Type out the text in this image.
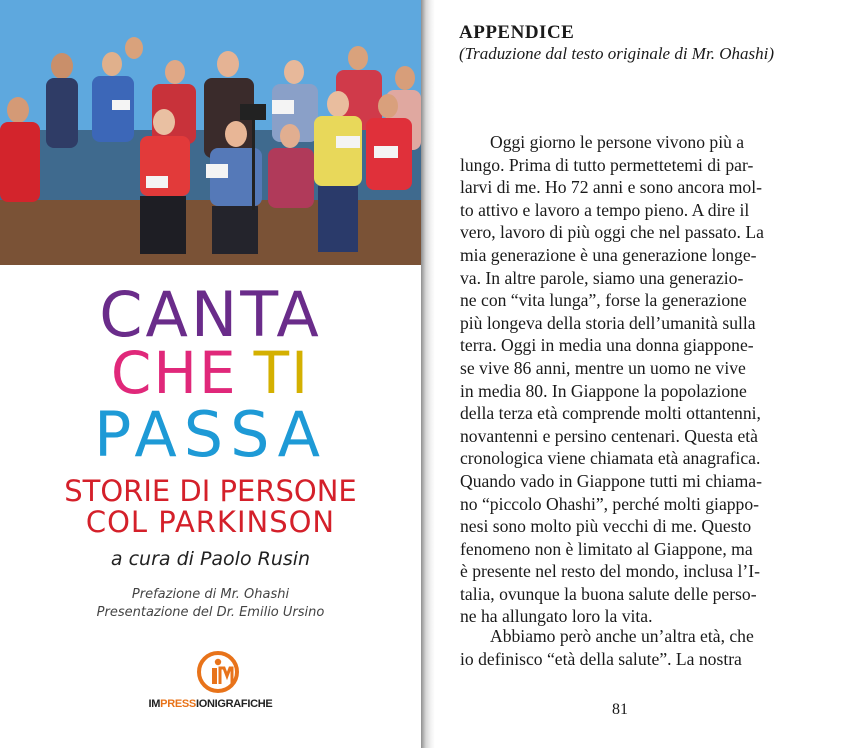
CANTA

CHE TI

PASSA

STORIE DI PERSONE

COL PARKINSON

a cura di Paolo Rusin

Prefazione di Mr. Ohashi

Presentazione del Dr. Emilio Ursino

IMPRESSIONIGRAFICHE

APPENDICE

(Traduzione dal testo originale di Mr. Ohashi)

Oggi giorno le persone vivono più a
lungo. Prima di tutto permettetemi di par-
larvi di me. Ho 72 anni e sono ancora mol-
to attivo e lavoro a tempo pieno. A dire il
vero, lavoro di più oggi che nel passato. La
mia generazione è una generazione longe-
va. In altre parole, siamo una generazio-
ne con “vita lunga”, forse la generazione
più longeva della storia dell’umanità sulla
terra. Oggi in media una donna giappone-
se vive 86 anni, mentre un uomo ne vive
in media 80. In Giappone la popolazione
della terza età comprende molti ottantenni,
novantenni e persino centenari. Questa età
cronologica viene chiamata età anagrafica.
Quando vado in Giappone tutti mi chiama-
no “piccolo Ohashi”, perché molti giappo-
nesi sono molto più vecchi di me. Questo
fenomeno non è limitato al Giappone, ma
è presente nel resto del mondo, inclusa l’I-
talia, ovunque la buona salute delle perso-
ne ha allungato loro la vita.
Abbiamo però anche un’altra età, che
io definisco “età della salute”. La nostra

81
